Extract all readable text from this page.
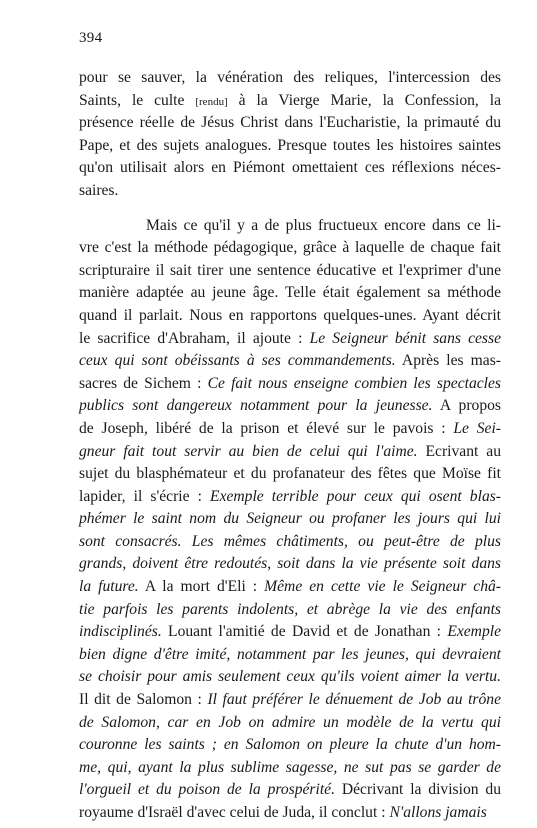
394
pour se sauver, la vénération des reliques, l'intercession des
Saints, le culte [rendu] à la Vierge Marie, la Confession, la
présence réelle de Jésus Christ dans l'Eucharistie, la primauté du
Pape, et des sujets analogues. Presque toutes les histoires saintes
qu'on utilisait alors en Piémont omettaient ces réflexions néces-
saires.
Mais ce qu'il y a de plus fructueux encore dans ce li-
vre c'est la méthode pédagogique, grâce à laquelle de chaque fait
scripturaire il sait tirer une sentence éducative et l'exprimer d'une
manière adaptée au jeune âge. Telle était également sa méthode
quand il parlait. Nous en rapportons quelques-unes. Ayant décrit
le sacrifice d'Abraham, il ajoute : Le Seigneur bénit sans cesse
ceux qui sont obéissants à ses commandements. Après les mas-
sacres de Sichem : Ce fait nous enseigne combien les spectacles
publics sont dangereux notamment pour la jeunesse. A propos
de Joseph, libéré de la prison et élevé sur le pavois : Le Sei-
gneur fait tout servir au bien de celui qui l'aime. Ecrivant au
sujet du blasphémateur et du profanateur des fêtes que Moïse fit
lapider, il s'écrie : Exemple terrible pour ceux qui osent blas-
phémer le saint nom du Seigneur ou profaner les jours qui lui
sont consacrés. Les mêmes châtiments, ou peut-être de plus
grands, doivent être redoutés, soit dans la vie présente soit dans
la future. A la mort d'Eli : Même en cette vie le Seigneur châ-
tie parfois les parents indolents, et abrège la vie des enfants
indisciplinés. Louant l'amitié de David et de Jonathan : Exemple
bien digne d'être imité, notamment par les jeunes, qui devraient
se choisir pour amis seulement ceux qu'ils voient aimer la vertu.
Il dit de Salomon : Il faut préférer le dénuement de Job au trône
de Salomon, car en Job on admire un modèle de la vertu qui
couronne les saints ; en Salomon on pleure la chute d'un hom-
me, qui, ayant la plus sublime sagesse, ne sut pas se garder de
l'orgueil et du poison de la prospérité. Décrivant la division du
royaume d'Israël d'avec celui de Juda, il conclut : N'allons jamais
